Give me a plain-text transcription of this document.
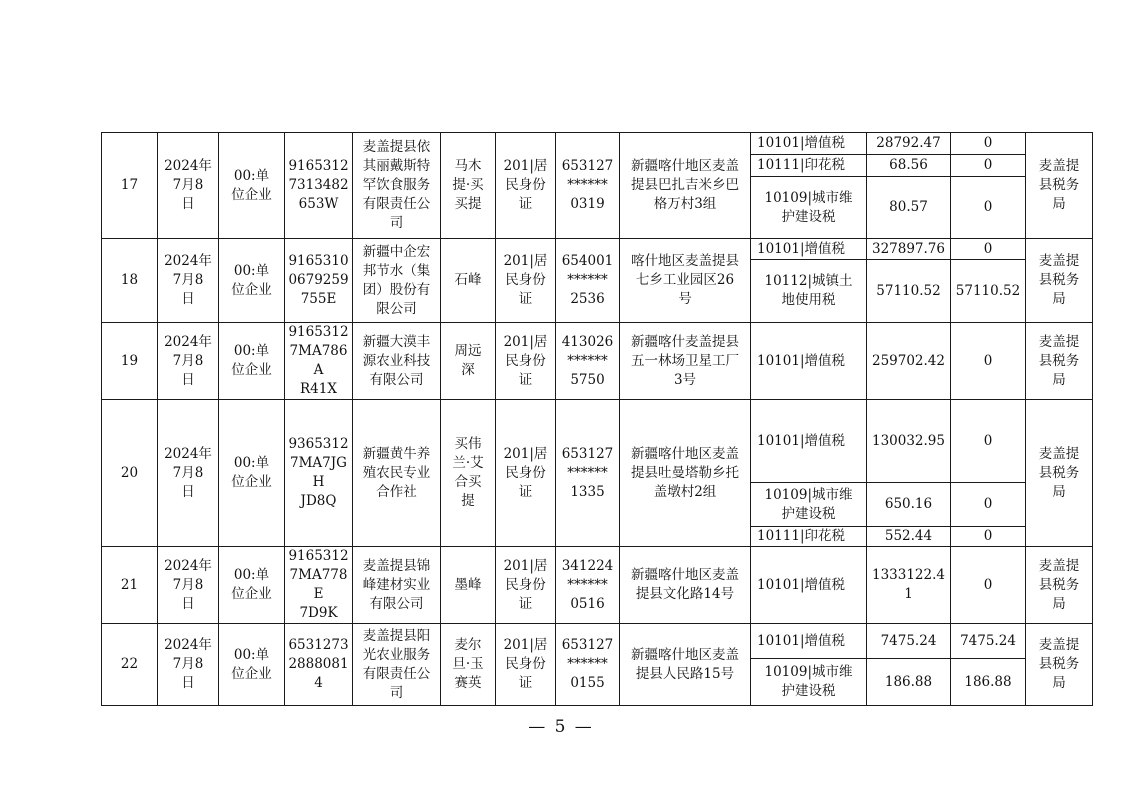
17	2024年
7月8
日	00:单
位企业	9165312
7313482
653W	麦盖提县依
其丽戴斯特
罕饮食服务
有限责任公
司	马木
提·买
买提	201|居
民身份
证	653127
******
0319	新疆喀什地区麦盖
提县巴扎吉米乡巴
格万村3组	10101|增值税	28792.47	0	麦盖提
县税务
局
									10111|印花税	68.56	0	
									10109|城市维
护建设税	80.57	0	
18	2024年
7月8
日	00:单
位企业	9165310
0679259
755E	新疆中企宏
邦节水（集
团）股份有
限公司	石峰	201|居
民身份
证	654001
******
2536	喀什地区麦盖提县
七乡工业园区26
号	10101|增值税	327897.76	0	麦盖提
县税务
局
									10112|城镇土
地使用税	57110.52	57110.52	
19	2024年
7月8
日	00:单
位企业	9165312
7MA786A
R41X	新疆大漠丰
源农业科技
有限公司	周远
深	201|居
民身份
证	413026
******
5750	新疆喀什麦盖提县
五一林场卫星工厂
3号	10101|增值税	259702.42	0	麦盖提
县税务
局
20	2024年
7月8
日	00:单
位企业	9365312
7MA7JGH
JD8Q	新疆黄牛养
殖农民专业
合作社	买伟
兰·艾
合买
提	201|居
民身份
证	653127
******
1335	新疆喀什地区麦盖
提县吐曼塔勒乡托
盖墩村2组	10101|增值税	130032.95	0	麦盖提
县税务
局
									10109|城市维
护建设税	650.16	0	
									10111|印花税	552.44	0	
21	2024年
7月8
日	00:单
位企业	9165312
7MA778E
7D9K	麦盖提县锦
峰建材实业
有限公司	墨峰	201|居
民身份
证	341224
******
0516	新疆喀什地区麦盖
提县文化路14号	10101|增值税	1333122.4
1	0	麦盖提
县税务
局
22	2024年
7月8
日	00:单
位企业	6531273
2888081
4	麦盖提县阳
光农业服务
有限责任公
司	麦尔
旦·玉
赛英	201|居
民身份
证	653127
******
0155	新疆喀什地区麦盖
提县人民路15号	10101|增值税	7475.24	7475.24	麦盖提
县税务
局
									10109|城市维
护建设税	186.88	186.88	
— 5 —
